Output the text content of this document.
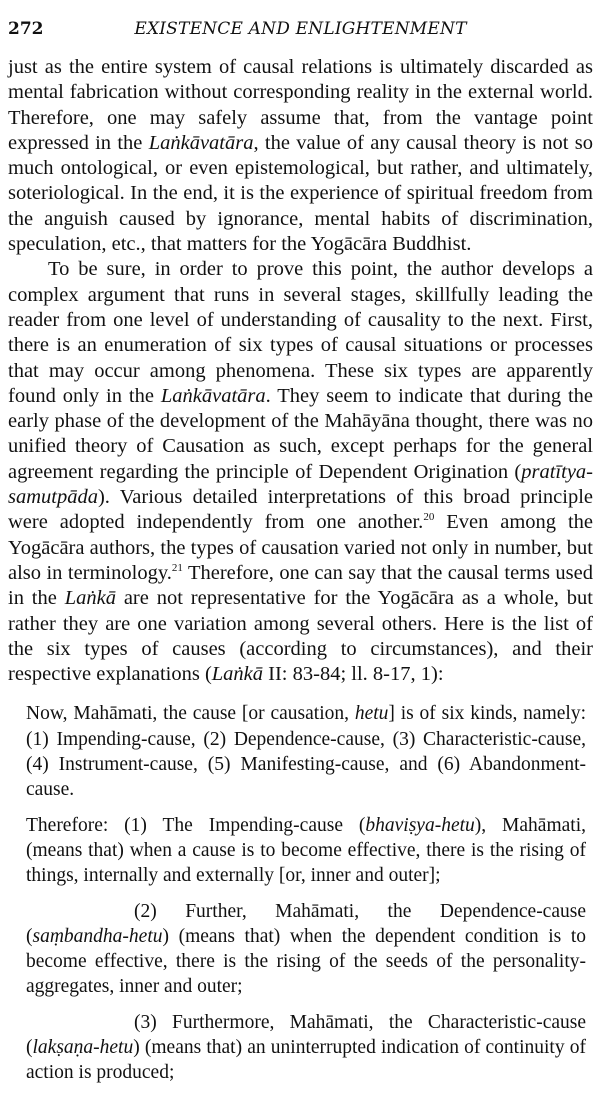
272	EXISTENCE AND ENLIGHTENMENT

just as the entire system of causal relations is ultimately discarded as mental fabrication without corresponding reality in the external world. Therefore, one may safely assume that, from the vantage point expressed in the Laṅkāvatāra, the value of any causal theory is not so much ontological, or even epistemological, but rather, and ultimately, soteriological. In the end, it is the experience of spiritual freedom from the anguish caused by ignorance, mental habits of discrimination, speculation, etc., that matters for the Yogācāra Buddhist.

To be sure, in order to prove this point, the author develops a complex argument that runs in several stages, skillfully leading the reader from one level of understanding of causality to the next. First, there is an enumeration of six types of causal situations or processes that may occur among phenomena. These six types are apparently found only in the Laṅkāvatāra. They seem to indicate that during the early phase of the development of the Mahāyāna thought, there was no unified theory of Causation as such, except perhaps for the general agreement regarding the principle of Dependent Origination (pratītya-samutpāda). Various detailed interpretations of this broad principle were adopted independently from one another.$^{20}$ Even among the Yogācāra authors, the types of causation varied not only in number, but also in terminology.$^{21}$ Therefore, one can say that the causal terms used in the Laṅkā are not representative for the Yogācāra as a whole, but rather they are one variation among several others. Here is the list of the six types of causes (according to circumstances), and their respective explanations (Laṅkā II: 83-84; ll. 8-17, 1):

Now, Mahāmati, the cause [or causation, hetu] is of six kinds, namely: (1) Impending-cause, (2) Dependence-cause, (3) Characteristic-cause, (4) Instrument-cause, (5) Manifesting-cause, and (6) Abandonment-cause.

Therefore: (1) The Impending-cause (bhaviṣya-hetu), Mahāmati, (means that) when a cause is to become effective, there is the rising of things, internally and externally [or, inner and outer];

(2) Further, Mahāmati, the Dependence-cause (saṃbandha-hetu) (means that) when the dependent condition is to become effective, there is the rising of the seeds of the personality-aggregates, inner and outer;

(3) Furthermore, Mahāmati, the Characteristic-cause (lakṣaṇa-hetu) (means that) an uninterrupted indication of continuity of action is produced;
